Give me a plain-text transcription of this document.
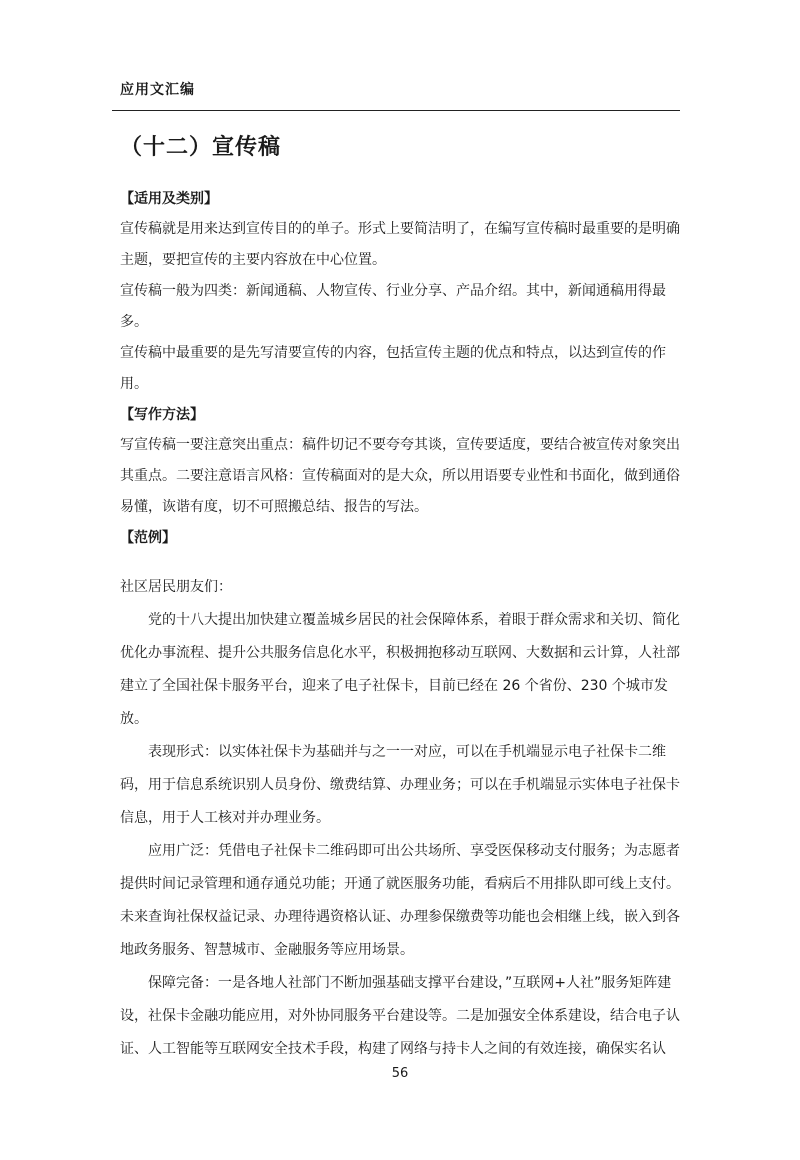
应用文汇编
（十二）宣传稿

【适用及类别】

宣传稿就是用来达到宣传目的的单子。形式上要简洁明了，在编写宣传稿时最重要的是明确主题，要把宣传的主要内容放在中心位置。

宣传稿一般为四类：新闻通稿、人物宣传、行业分享、产品介绍。其中，新闻通稿用得最多。

宣传稿中最重要的是先写清要宣传的内容，包括宣传主题的优点和特点，以达到宣传的作用。

【写作方法】

写宣传稿一要注意突出重点：稿件切记不要夸夸其谈，宣传要适度，要结合被宣传对象突出其重点。二要注意语言风格：宣传稿面对的是大众，所以用语要专业性和书面化，做到通俗易懂，诙谐有度，切不可照搬总结、报告的写法。

【范例】

社区居民朋友们：

党的十八大提出加快建立覆盖城乡居民的社会保障体系，着眼于群众需求和关切、简化优化办事流程、提升公共服务信息化水平，积极拥抱移动互联网、大数据和云计算，人社部建立了全国社保卡服务平台，迎来了电子社保卡，目前已经在 26 个省份、230 个城市发放。

表现形式：以实体社保卡为基础并与之一一对应，可以在手机端显示电子社保卡二维码，用于信息系统识别人员身份、缴费结算、办理业务；可以在手机端显示实体电子社保卡信息，用于人工核对并办理业务。

应用广泛：凭借电子社保卡二维码即可出公共场所、享受医保移动支付服务；为志愿者提供时间记录管理和通存通兑功能；开通了就医服务功能，看病后不用排队即可线上支付。未来查询社保权益记录、办理待遇资格认证、办理参保缴费等功能也会相继上线，嵌入到各地政务服务、智慧城市、金融服务等应用场景。

保障完备：一是各地人社部门不断加强基础支撑平台建设，”互联网+人社”服务矩阵建设，社保卡金融功能应用，对外协同服务平台建设等。二是加强安全体系建设，结合电子认证、人工智能等互联网安全技术手段，构建了网络与持卡人之间的有效连接，确保实名认

56
